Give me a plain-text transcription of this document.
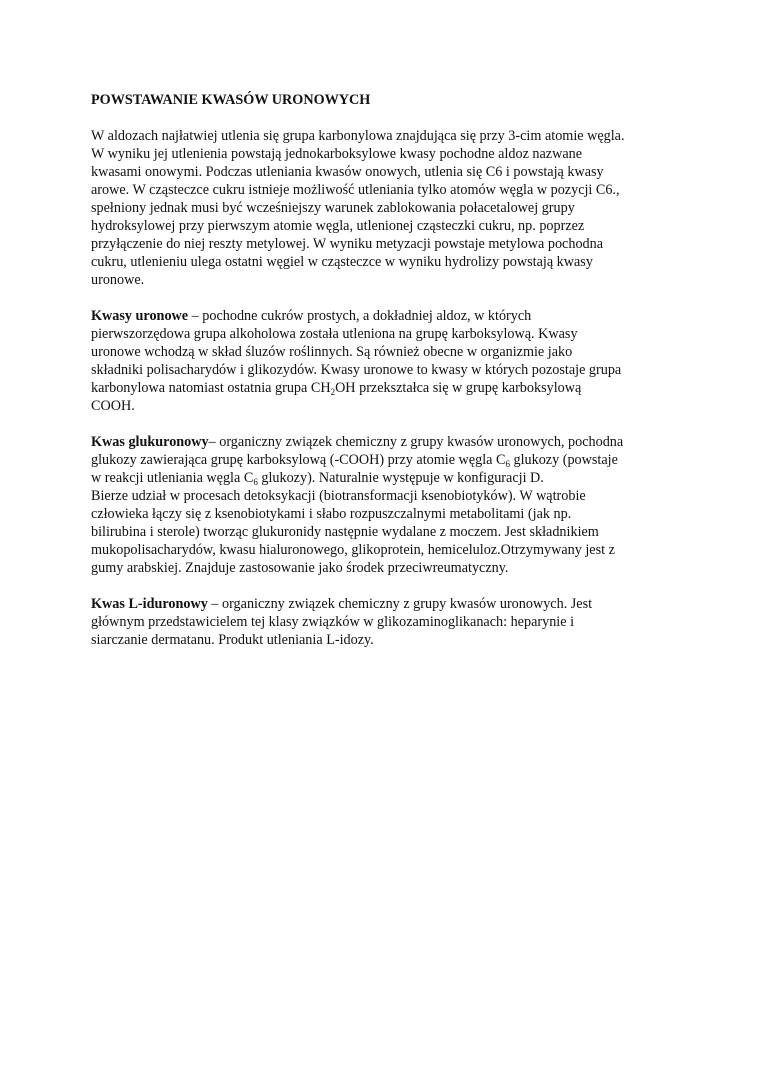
POWSTAWANIE KWASÓW URONOWYCH
W aldozach najłatwiej utlenia się grupa karbonylowa znajdująca się przy 3-cim atomie węgla.
W wyniku jej utlenienia powstają jednokarboksylowe kwasy pochodne aldoz nazwane
kwasami onowymi. Podczas utleniania kwasów onowych, utlenia się C6 i powstają kwasy
arowe. W cząsteczce cukru istnieje możliwość utleniania tylko atomów węgla w pozycji C6.,
spełniony jednak musi być wcześniejszy warunek zablokowania połacetalowej grupy
hydroksylowej przy pierwszym atomie węgla, utlenionej cząsteczki cukru, np. poprzez
przyłączenie do niej reszty metylowej. W wyniku metyzacji powstaje metylowa pochodna
cukru, utlenieniu ulega ostatni węgiel w cząsteczce w wyniku hydrolizy powstają kwasy
uronowe.
Kwasy uronowe – pochodne cukrów prostych, a dokładniej aldoz, w których
pierwszorzędowa grupa alkoholowa została utleniona na grupę karboksylową. Kwasy
uronowe wchodzą w skład śluzów roślinnych. Są również obecne w organizmie jako
składniki polisacharydów i glikozydów. Kwasy uronowe to kwasy w których pozostaje grupa
karbonylowa natomiast ostatnia grupa $CH_2OH$ przekształca się w grupę karboksylową
COOH.
Kwas glukuronowy– organiczny związek chemiczny z grupy kwasów uronowych, pochodna
glukozy zawierająca grupę karboksylową (-COOH) przy atomie węgla $C_6$ glukozy (powstaje
w reakcji utleniania węgla $C_6$ glukozy). Naturalnie występuje w konfiguracji D.
Bierze udział w procesach detoksykacji (biotransformacji ksenobiotyków). W wątrobie
człowieka łączy się z ksenobiotykami i słabo rozpuszczalnymi metabolitami (jak np.
bilirubina i sterole) tworząc glukuronidy następnie wydalane z moczem. Jest składnikiem
mukopolisacharydów, kwasu hialuronowego, glikoprotein, hemiceluloz.Otrzymywany jest z
gumy arabskiej. Znajduje zastosowanie jako środek przeciwreumatyczny.
Kwas L-iduronowy – organiczny związek chemiczny z grupy kwasów uronowych. Jest
głównym przedstawicielem tej klasy związków w glikozaminoglikanach: heparynie i
siarczanie dermatanu. Produkt utleniania L-idozy.
